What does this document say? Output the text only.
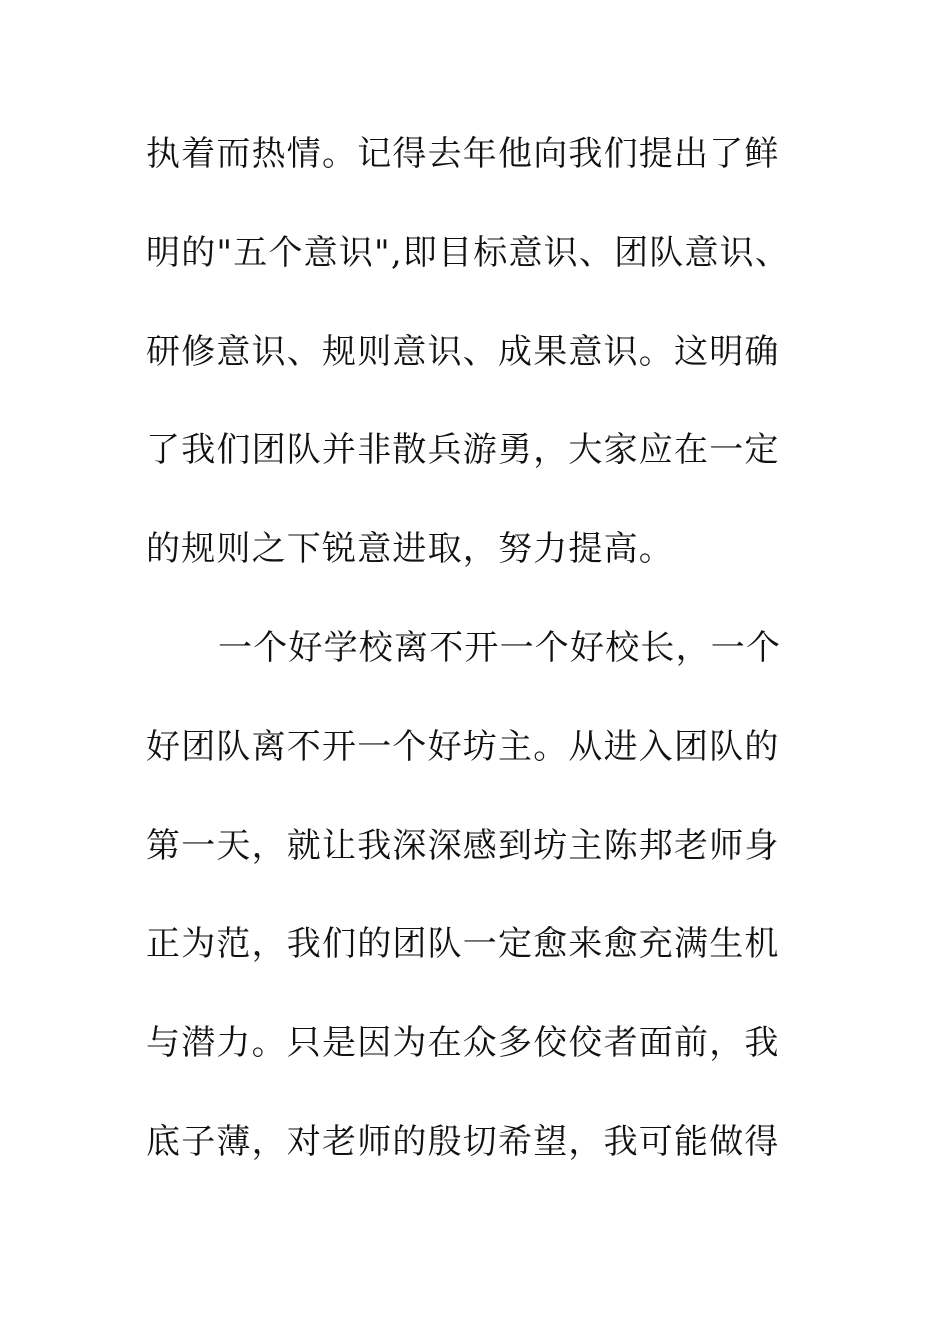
执着而热情。记得去年他向我们提出了鲜
明的"五个意识",即目标意识、团队意识、
研修意识、规则意识、成果意识。这明确
了我们团队并非散兵游勇，大家应在一定
的规则之下锐意进取，努力提高。
一个好学校离不开一个好校长，一个
好团队离不开一个好坊主。从进入团队的
第一天，就让我深深感到坊主陈邦老师身
正为范，我们的团队一定愈来愈充满生机
与潜力。只是因为在众多佼佼者面前，我
底子薄，对老师的殷切希望，我可能做得
